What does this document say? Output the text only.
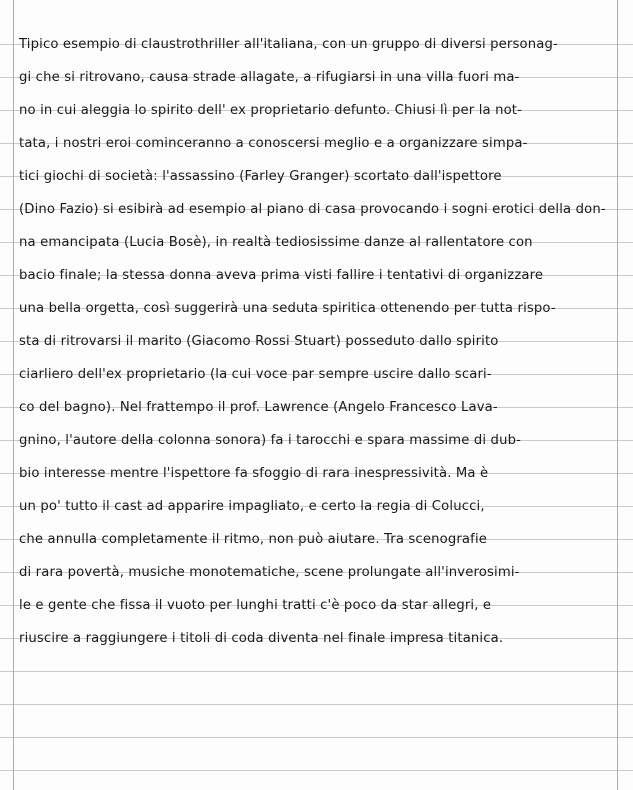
Tipico esempio di claustrothriller all'italiana, con un gruppo di diversi personag-
gi che si ritrovano, causa strade allagate, a rifugiarsi in una villa fuori ma-
no in cui aleggia lo spirito dell' ex proprietario defunto. Chiusi lì per la not-
tata, i nostri eroi cominceranno a conoscersi meglio e a organizzare simpa-
tici giochi di società: l'assassino (Farley Granger) scortato dall'ispettore
(Dino Fazio) si esibirà ad esempio al piano di casa provocando i sogni erotici della don-
na emancipata (Lucia Bosè), in realtà tediosissime danze al rallentatore con
bacio finale; la stessa donna aveva prima visti fallire i tentativi di organizzare
una bella orgetta, così suggerirà una seduta spiritica ottenendo per tutta rispo-
sta di ritrovarsi il marito (Giacomo Rossi Stuart) posseduto dallo spirito
ciarliero dell'ex proprietario (la cui voce par sempre uscire dallo scari-
co del bagno). Nel frattempo il prof. Lawrence (Angelo Francesco Lava-
gnino, l'autore della colonna sonora) fa i tarocchi e spara massime di dub-
bio interesse mentre l'ispettore fa sfoggio di rara inespressività. Ma è
un po' tutto il cast ad apparire impagliato, e certo la regia di Colucci,
che annulla completamente il ritmo, non può aiutare. Tra scenografie
di rara povertà, musiche monotematiche, scene prolungate all'inverosimi-
le e gente che fissa il vuoto per lunghi tratti c'è poco da star allegri, e
riuscire a raggiungere i titoli di coda diventa nel finale impresa titanica.
